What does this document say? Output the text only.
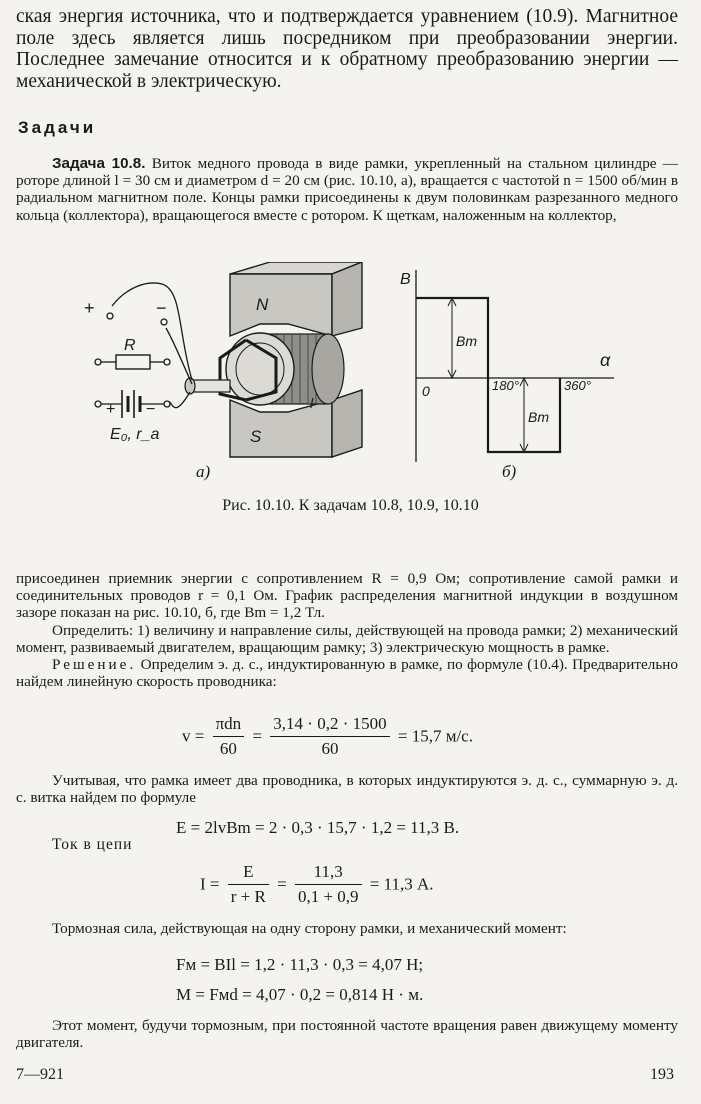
ская энергия источника, что и подтверждается уравнением (10.9). Магнитное поле здесь является лишь посредником при преобразовании энергии. Последнее замечание относится и к обратному преобразованию энергии — механической в электрическую.

Задачи

Задача 10.8. Виток медного провода в виде рамки, укрепленный на стальном цилиндре — роторе длиной l = 30 см и диаметром d = 20 см (рис. 10.10, а), вращается с частотой n = 1500 об/мин в радиальном магнитном поле. Концы рамки присоединены к двум половинкам разрезанного медного кольца (коллектора), вращающегося вместе с ротором. К щеткам, наложенным на коллектор,

+	−
R
+ −
E₀, r_a
N
S
l
а)
B
α
0	180°	360°
Bm
Bm
б)
Рис. 10.10. К задачам 10.8, 10.9, 10.10
присоединен приемник энергии с сопротивлением R = 0,9 Ом; сопротивление самой рамки и соединительных проводов r = 0,1 Ом. График распределения магнитной индукции в воздушном зазоре показан на рис. 10.10, б, где Bm = 1,2 Тл.
Определить: 1) величину и направление силы, действующей на провода рамки; 2) механический момент, развиваемый двигателем, вращающим рамку; 3) электрическую мощность в рамке.
Решение. Определим э. д. с., индуктированную в рамке, по формуле (10.4). Предварительно найдем линейную скорость проводника:
$v = \frac{\text{πdn}}{60} = \frac{3,14 \cdot 0,2 \cdot 1500}{60} = 15,7$ м/с.

Учитывая, что рамка имеет два проводника, в которых индуктируются э. д. с., суммарную э. д. с. витка найдем по формуле

E = 2lvBm = 2 · 0,3 · 15,7 · 1,2 = 11,3 В.
Ток в цепи
$I = \frac{E}{r + R} = \frac{11,3}{0,1 + 0,9} = 11,3$ А.

Тормозная сила, действующая на одну сторону рамки, и механический момент:

Fм = BIl = 1,2 · 11,3 · 0,3 = 4,07 Н;
M = Fмd = 4,07 · 0,2 = 0,814 Н · м.

Этот момент, будучи тормозным, при постоянной частоте вращения равен движущему моменту двигателя.

7—921	193
